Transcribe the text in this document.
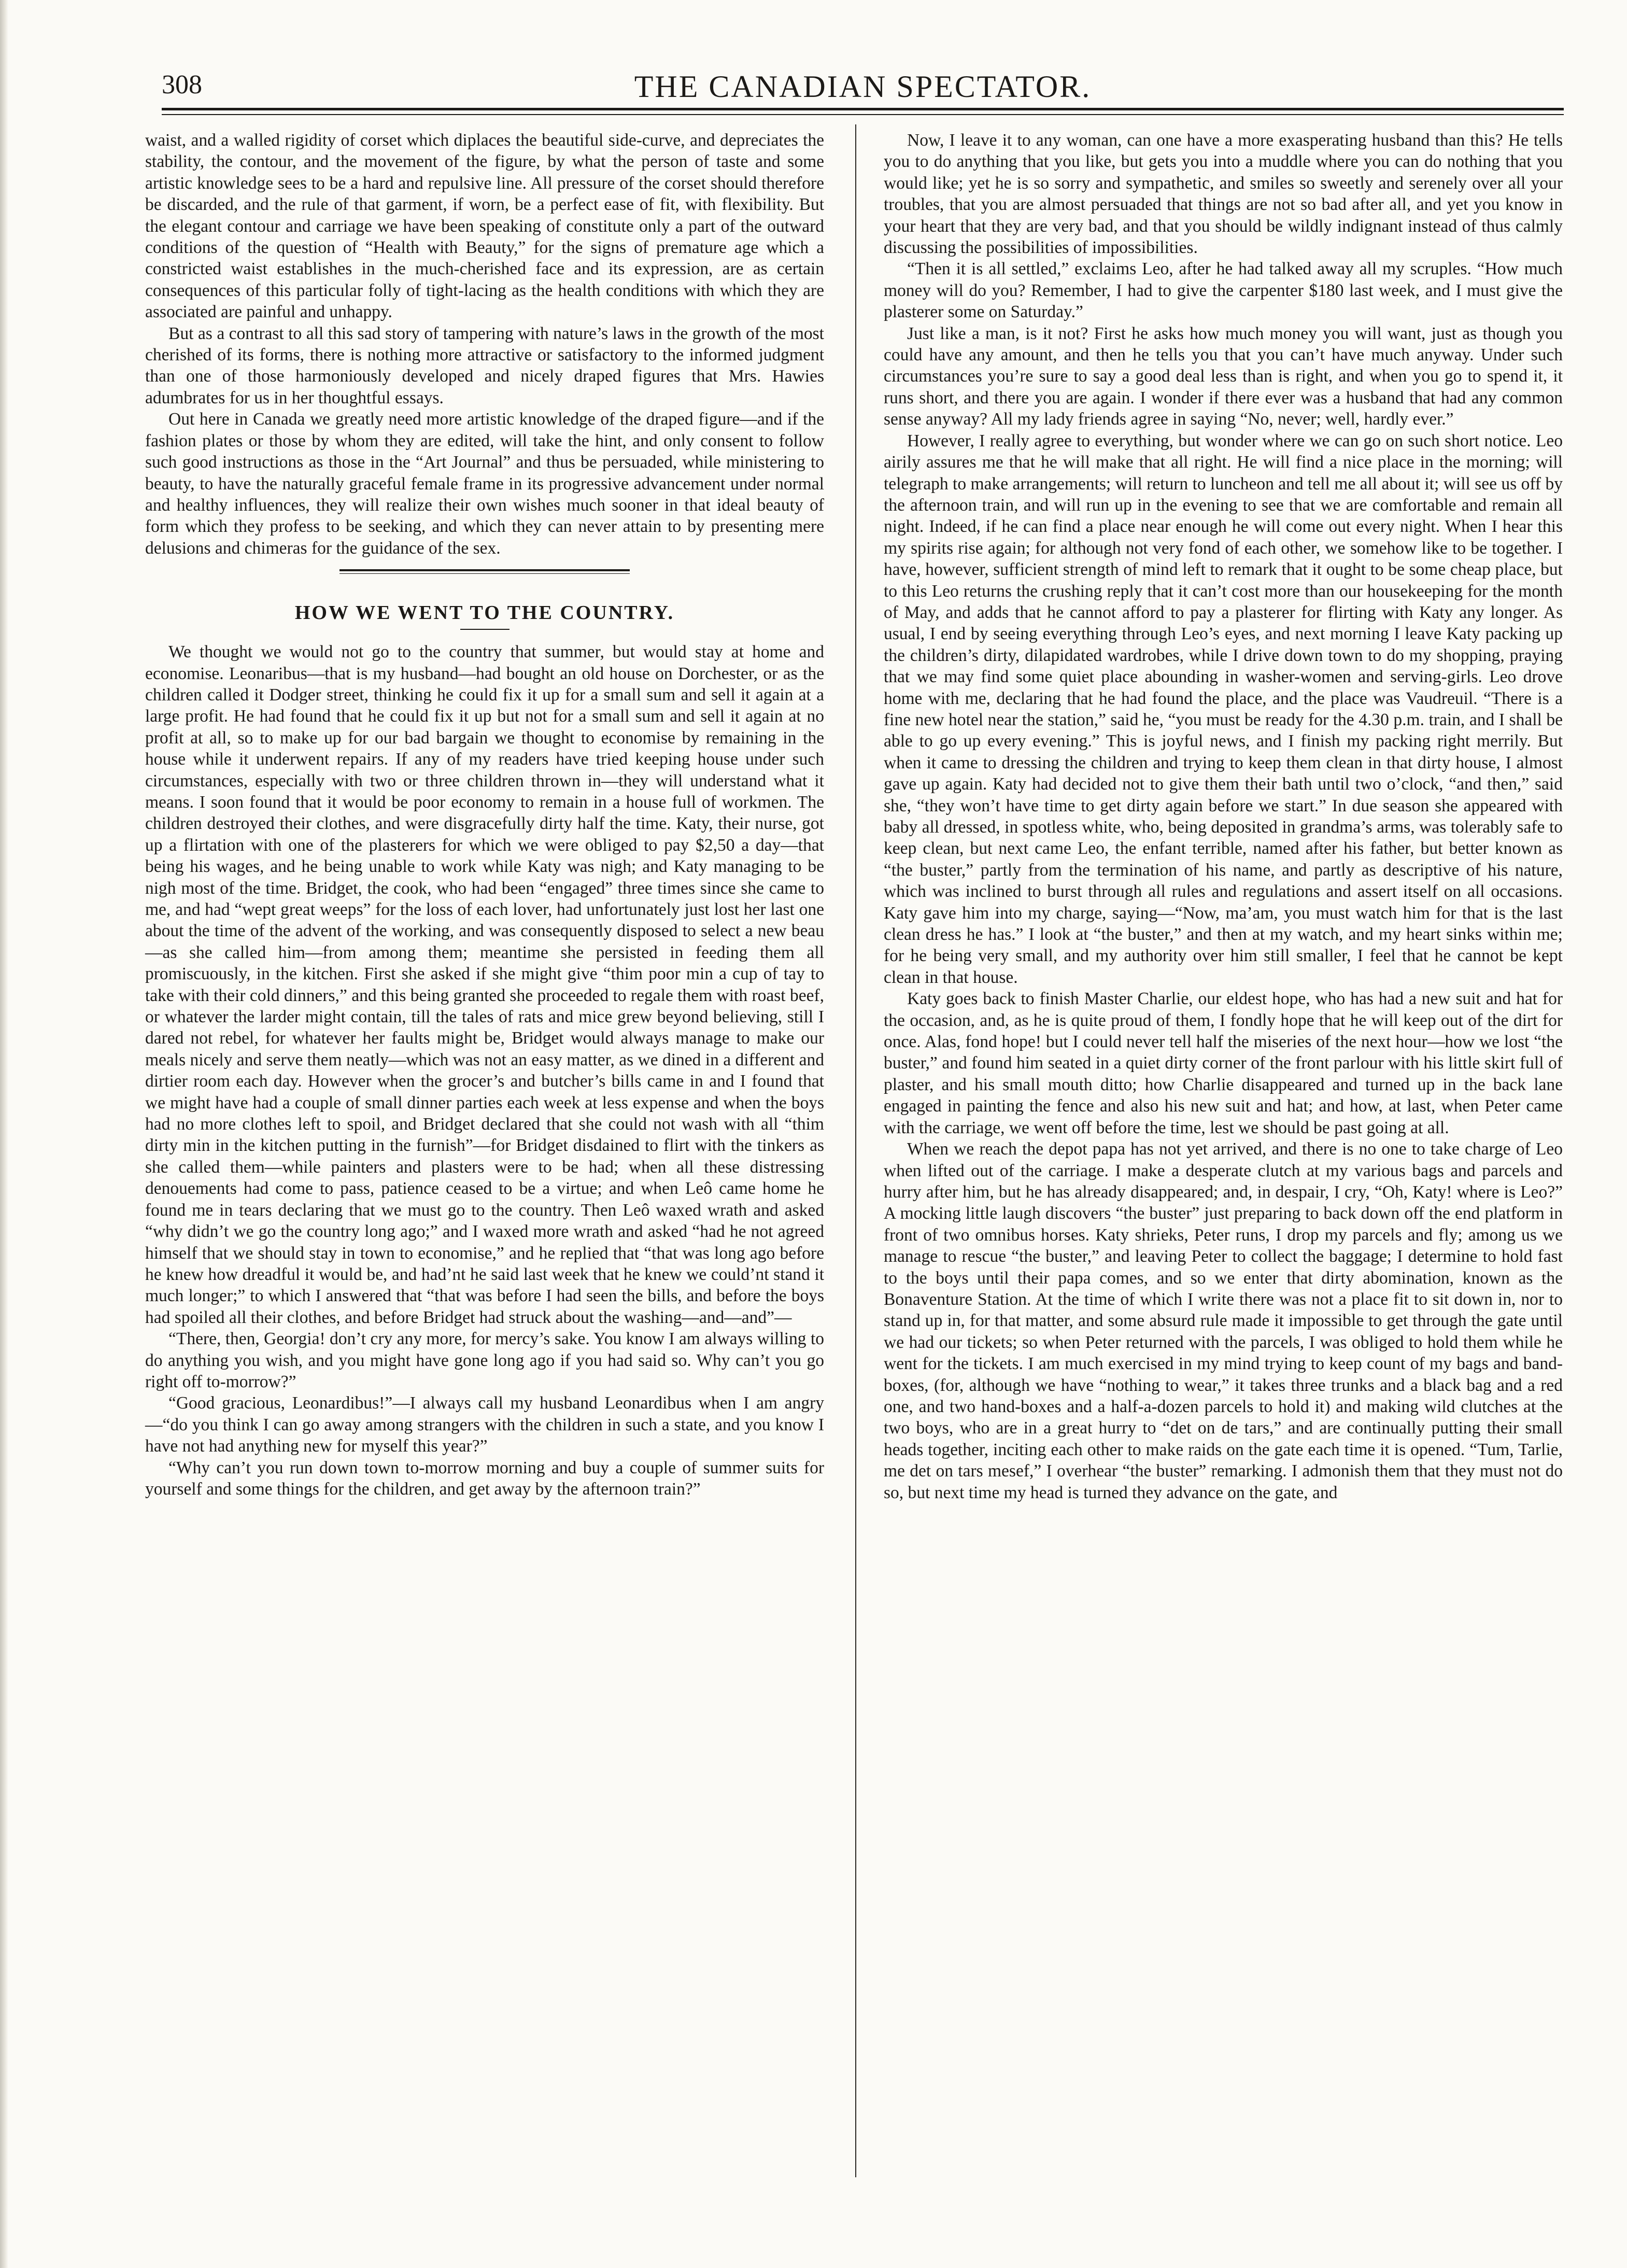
308	THE CANADIAN SPECTATOR.

waist, and a walled rigidity of corset which diplaces the beautiful side-curve, and depreciates the stability, the contour, and the movement of the figure, by what the person of taste and some artistic knowledge sees to be a hard and repulsive line. All pressure of the corset should therefore be discarded, and the rule of that garment, if worn, be a perfect ease of fit, with flexibility. But the elegant contour and carriage we have been speaking of constitute only a part of the outward conditions of the question of “Health with Beauty,” for the signs of premature age which a constricted waist establishes in the much-cherished face and its expression, are as certain consequences of this particular folly of tight-lacing as the health conditions with which they are associated are painful and unhappy.

But as a contrast to all this sad story of tampering with nature’s laws in the growth of the most cherished of its forms, there is nothing more attractive or satisfactory to the informed judgment than one of those harmoniously developed and nicely draped figures that Mrs. Hawies adumbrates for us in her thoughtful essays.

Out here in Canada we greatly need more artistic knowledge of the draped figure—and if the fashion plates or those by whom they are edited, will take the hint, and only consent to follow such good instructions as those in the “Art Journal” and thus be persuaded, while ministering to beauty, to have the naturally graceful female frame in its progressive advancement under normal and healthy influences, they will realize their own wishes much sooner in that ideal beauty of form which they profess to be seeking, and which they can never attain to by presenting mere delusions and chimeras for the guidance of the sex.

HOW WE WENT TO THE COUNTRY.

We thought we would not go to the country that summer, but would stay at home and economise. Leonaribus—that is my husband—had bought an old house on Dorchester, or as the children called it Dodger street, thinking he could fix it up for a small sum and sell it again at a large profit. He had found that he could fix it up but not for a small sum and sell it again at no profit at all, so to make up for our bad bargain we thought to economise by remaining in the house while it underwent repairs. If any of my readers have tried keeping house under such circumstances, especially with two or three children thrown in—they will understand what it means. I soon found that it would be poor economy to remain in a house full of workmen. The children destroyed their clothes, and were disgracefully dirty half the time. Katy, their nurse, got up a flirtation with one of the plasterers for which we were obliged to pay $2,50 a day—that being his wages, and he being unable to work while Katy was nigh; and Katy managing to be nigh most of the time. Bridget, the cook, who had been “engaged” three times since she came to me, and had “wept great weeps” for the loss of each lover, had unfortunately just lost her last one about the time of the advent of the working, and was consequently disposed to select a new beau—as she called him—from among them; meantime she persisted in feeding them all promiscuously, in the kitchen. First she asked if she might give “thim poor min a cup of tay to take with their cold dinners,” and this being granted she proceeded to regale them with roast beef, or whatever the larder might contain, till the tales of rats and mice grew beyond believing, still I dared not rebel, for whatever her faults might be, Bridget would always manage to make our meals nicely and serve them neatly—which was not an easy matter, as we dined in a different and dirtier room each day. However when the grocer’s and butcher’s bills came in and I found that we might have had a couple of small dinner parties each week at less expense and when the boys had no more clothes left to spoil, and Bridget declared that she could not wash with all “thim dirty min in the kitchen putting in the furnish”—for Bridget disdained to flirt with the tinkers as she called them—while painters and plasters were to be had; when all these distressing denouements had come to pass, patience ceased to be a virtue; and when Leô came home he found me in tears declaring that we must go to the country. Then Leô waxed wrath and asked “why didn’t we go the country long ago;” and I waxed more wrath and asked “had he not agreed himself that we should stay in town to economise,” and he replied that “that was long ago before he knew how dreadful it would be, and had’nt he said last week that he knew we could’nt stand it much longer;” to which I answered that “that was before I had seen the bills, and before the boys had spoiled all their clothes, and before Bridget had struck about the washing—and—and”—

“There, then, Georgia! don’t cry any more, for mercy’s sake. You know I am always willing to do anything you wish, and you might have gone long ago if you had said so. Why can’t you go right off to-morrow?”

“Good gracious, Leonardibus!”—I always call my husband Leonardibus when I am angry—“do you think I can go away among strangers with the children in such a state, and you know I have not had anything new for myself this year?”

“Why can’t you run down town to-morrow morning and buy a couple of summer suits for yourself and some things for the children, and get away by the afternoon train?”

Now, I leave it to any woman, can one have a more exasperating husband than this? He tells you to do anything that you like, but gets you into a muddle where you can do nothing that you would like; yet he is so sorry and sympathetic, and smiles so sweetly and serenely over all your troubles, that you are almost persuaded that things are not so bad after all, and yet you know in your heart that they are very bad, and that you should be wildly indignant instead of thus calmly discussing the possibilities of impossibilities.

“Then it is all settled,” exclaims Leo, after he had talked away all my scruples. “How much money will do you? Remember, I had to give the carpenter $180 last week, and I must give the plasterer some on Saturday.”

Just like a man, is it not? First he asks how much money you will want, just as though you could have any amount, and then he tells you that you can’t have much anyway. Under such circumstances you’re sure to say a good deal less than is right, and when you go to spend it, it runs short, and there you are again. I wonder if there ever was a husband that had any common sense anyway? All my lady friends agree in saying “No, never; well, hardly ever.”

However, I really agree to everything, but wonder where we can go on such short notice. Leo airily assures me that he will make that all right. He will find a nice place in the morning; will telegraph to make arrangements; will return to luncheon and tell me all about it; will see us off by the afternoon train, and will run up in the evening to see that we are comfortable and remain all night. Indeed, if he can find a place near enough he will come out every night. When I hear this my spirits rise again; for although not very fond of each other, we somehow like to be together. I have, however, sufficient strength of mind left to remark that it ought to be some cheap place, but to this Leo returns the crushing reply that it can’t cost more than our housekeeping for the month of May, and adds that he cannot afford to pay a plasterer for flirting with Katy any longer. As usual, I end by seeing everything through Leo’s eyes, and next morning I leave Katy packing up the children’s dirty, dilapidated wardrobes, while I drive down town to do my shopping, praying that we may find some quiet place abounding in washer-women and serving-girls. Leo drove home with me, declaring that he had found the place, and the place was Vaudreuil. “There is a fine new hotel near the station,” said he, “you must be ready for the 4.30 p.m. train, and I shall be able to go up every evening.” This is joyful news, and I finish my packing right merrily. But when it came to dressing the children and trying to keep them clean in that dirty house, I almost gave up again. Katy had decided not to give them their bath until two o’clock, “and then,” said she, “they won’t have time to get dirty again before we start.” In due season she appeared with baby all dressed, in spotless white, who, being deposited in grandma’s arms, was tolerably safe to keep clean, but next came Leo, the enfant terrible, named after his father, but better known as “the buster,” partly from the termination of his name, and partly as descriptive of his nature, which was inclined to burst through all rules and regulations and assert itself on all occasions. Katy gave him into my charge, saying—“Now, ma’am, you must watch him for that is the last clean dress he has.” I look at “the buster,” and then at my watch, and my heart sinks within me; for he being very small, and my authority over him still smaller, I feel that he cannot be kept clean in that house.

Katy goes back to finish Master Charlie, our eldest hope, who has had a new suit and hat for the occasion, and, as he is quite proud of them, I fondly hope that he will keep out of the dirt for once. Alas, fond hope! but I could never tell half the miseries of the next hour—how we lost “the buster,” and found him seated in a quiet dirty corner of the front parlour with his little skirt full of plaster, and his small mouth ditto; how Charlie disappeared and turned up in the back lane engaged in painting the fence and also his new suit and hat; and how, at last, when Peter came with the carriage, we went off before the time, lest we should be past going at all.

When we reach the depot papa has not yet arrived, and there is no one to take charge of Leo when lifted out of the carriage. I make a desperate clutch at my various bags and parcels and hurry after him, but he has already disappeared; and, in despair, I cry, “Oh, Katy! where is Leo?” A mocking little laugh discovers “the buster” just preparing to back down off the end platform in front of two omnibus horses. Katy shrieks, Peter runs, I drop my parcels and fly; among us we manage to rescue “the buster,” and leaving Peter to collect the baggage; I determine to hold fast to the boys until their papa comes, and so we enter that dirty abomination, known as the Bonaventure Station. At the time of which I write there was not a place fit to sit down in, nor to stand up in, for that matter, and some absurd rule made it impossible to get through the gate until we had our tickets; so when Peter returned with the parcels, I was obliged to hold them while he went for the tickets. I am much exercised in my mind trying to keep count of my bags and band-boxes, (for, although we have “nothing to wear,” it takes three trunks and a black bag and a red one, and two hand-boxes and a half-a-dozen parcels to hold it) and making wild clutches at the two boys, who are in a great hurry to “det on de tars,” and are continually putting their small heads together, inciting each other to make raids on the gate each time it is opened. “Tum, Tarlie, me det on tars mesef,” I overhear “the buster” remarking. I admonish them that they must not do so, but next time my head is turned they advance on the gate, and
